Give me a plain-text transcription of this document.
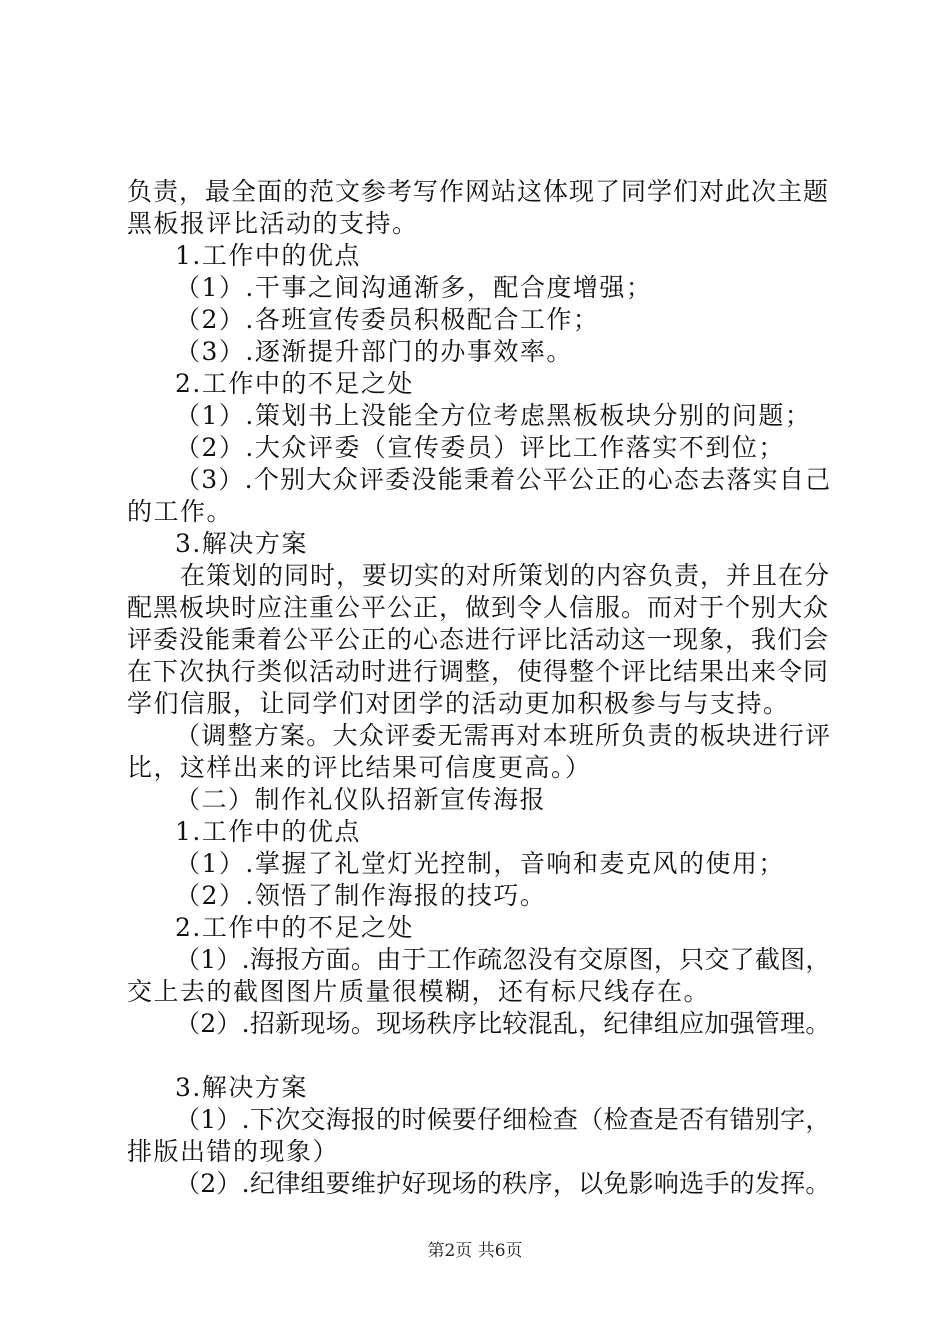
负责，最全面的范文参考写作网站这体现了同学们对此次主题
黑板报评比活动的支持。
1.工作中的优点
（1）.干事之间沟通渐多，配合度增强；
（2）.各班宣传委员积极配合工作；
（3）.逐渐提升部门的办事效率。
2.工作中的不足之处
（1）.策划书上没能全方位考虑黑板板块分别的问题；
（2）.大众评委（宣传委员）评比工作落实不到位；
（3）.个别大众评委没能秉着公平公正的心态去落实自己
的工作。
3.解决方案
在策划的同时，要切实的对所策划的内容负责，并且在分
配黑板块时应注重公平公正，做到令人信服。而对于个别大众
评委没能秉着公平公正的心态进行评比活动这一现象，我们会
在下次执行类似活动时进行调整，使得整个评比结果出来令同
学们信服，让同学们对团学的活动更加积极参与与支持。
（调整方案。大众评委无需再对本班所负责的板块进行评
比，这样出来的评比结果可信度更高。）
（二）制作礼仪队招新宣传海报
1.工作中的优点
（1）.掌握了礼堂灯光控制，音响和麦克风的使用；
（2）.领悟了制作海报的技巧。
2.工作中的不足之处
（1）.海报方面。由于工作疏忽没有交原图，只交了截图，
交上去的截图图片质量很模糊，还有标尺线存在。
（2）.招新现场。现场秩序比较混乱，纪律组应加强管理。
3.解决方案
（1）.下次交海报的时候要仔细检查（检查是否有错别字，
排版出错的现象）
（2）.纪律组要维护好现场的秩序，以免影响选手的发挥。
第2页 共6页
